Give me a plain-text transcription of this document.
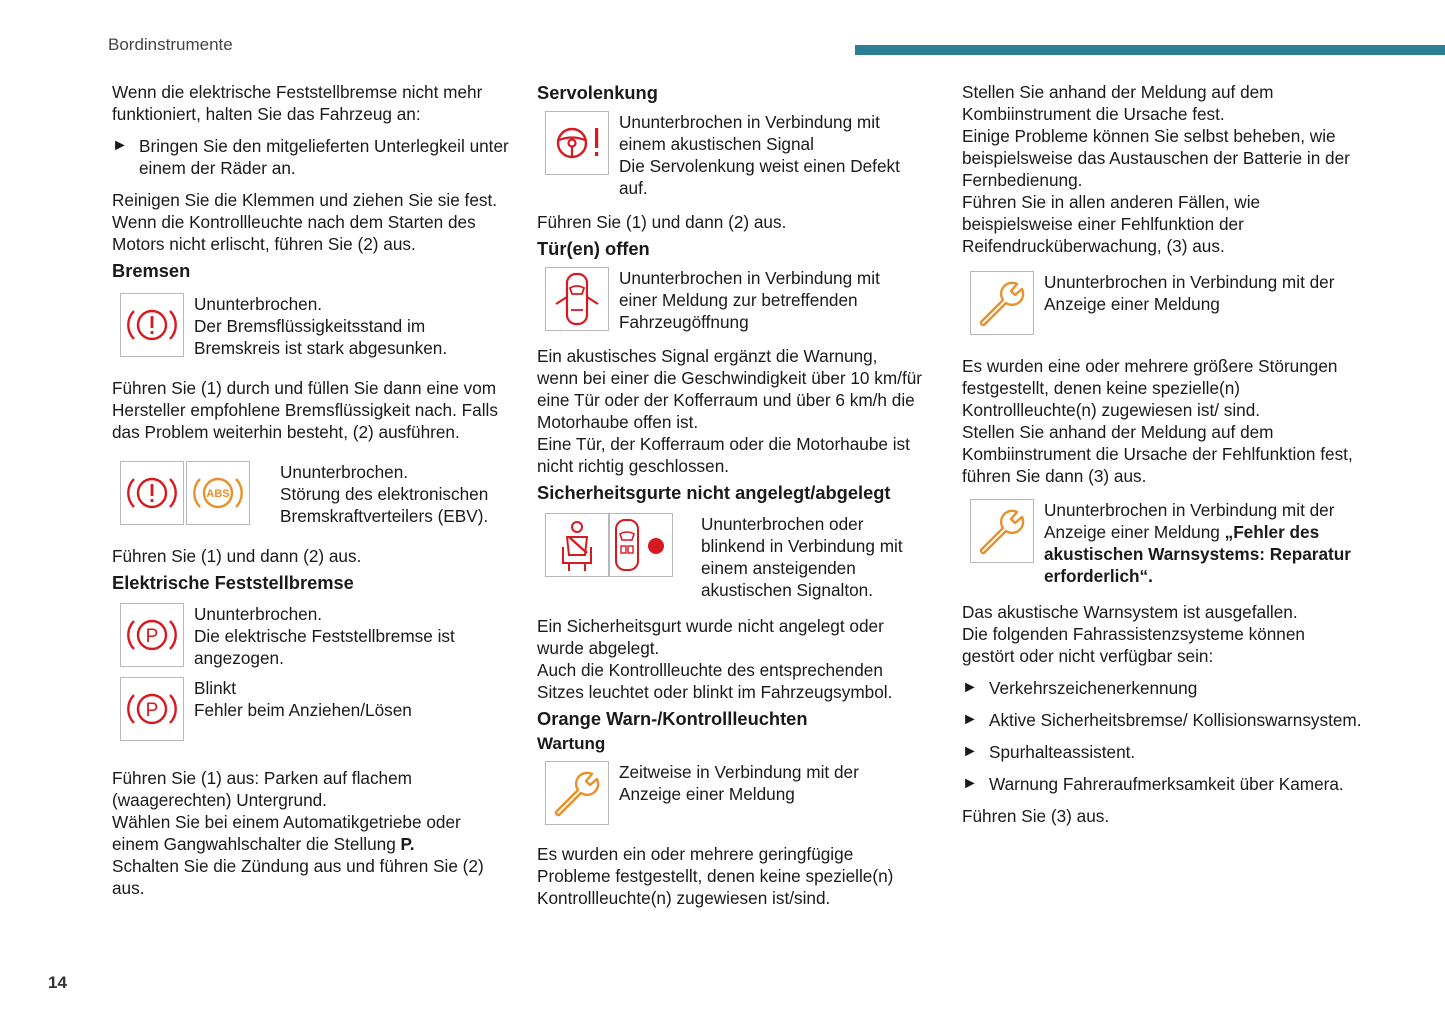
Bordinstrumente

Wenn die elektrische Feststellbremse nicht mehr funktioniert, halten Sie das Fahrzeug an:

► Bringen Sie den mitgelieferten Unterlegkeil unter einem der Räder an.

Reinigen Sie die Klemmen und ziehen Sie sie fest. Wenn die Kontrollleuchte nach dem Starten des Motors nicht erlischt, führen Sie (2) aus.

Bremsen

Ununterbrochen.

Der Bremsflüssigkeitsstand im Bremskreis ist stark abgesunken.

Führen Sie (1) durch und füllen Sie dann eine vom Hersteller empfohlene Bremsflüssigkeit nach. Falls das Problem weiterhin besteht, (2) ausführen.

ABS

Ununterbrochen.

Störung des elektronischen Bremskraftverteilers (EBV).

Führen Sie (1) und dann (2) aus.

Elektrische Feststellbremse
P

Ununterbrochen.

Die elektrische Feststellbremse ist angezogen.

P

Blinkt

Fehler beim Anziehen/Lösen

Führen Sie (1) aus: Parken auf flachem (waagerechten) Untergrund.

Wählen Sie bei einem Automatikgetriebe oder einem Gangwahlschalter die Stellung P.

Schalten Sie die Zündung aus und führen Sie (2) aus.

Servolenkung

Ununterbrochen in Verbindung mit einem akustischen Signal

Die Servolenkung weist einen Defekt auf.

Führen Sie (1) und dann (2) aus.

Tür(en) offen

Ununterbrochen in Verbindung mit einer Meldung zur betreffenden Fahrzeugöffnung

Ein akustisches Signal ergänzt die Warnung, wenn bei einer die Geschwindigkeit über 10 km/für eine Tür oder der Kofferraum und über 6 km/h die Motorhaube offen ist.

Eine Tür, der Kofferraum oder die Motorhaube ist nicht richtig geschlossen.

Sicherheitsgurte nicht angelegt/abgelegt

Ununterbrochen oder blinkend in Verbindung mit einem ansteigenden akustischen Signalton.

Ein Sicherheitsgurt wurde nicht angelegt oder wurde abgelegt.

Auch die Kontrollleuchte des entsprechenden Sitzes leuchtet oder blinkt im Fahrzeugsymbol.

Orange Warn-/Kontrollleuchten
Wartung

Zeitweise in Verbindung mit der Anzeige einer Meldung

Es wurden ein oder mehrere geringfügige Probleme festgestellt, denen keine spezielle(n) Kontrollleuchte(n) zugewiesen ist/sind.

Stellen Sie anhand der Meldung auf dem Kombiinstrument die Ursache fest.

Einige Probleme können Sie selbst beheben, wie beispielsweise das Austauschen der Batterie in der Fernbedienung.

Führen Sie in allen anderen Fällen, wie beispielsweise einer Fehlfunktion der Reifendrucküberwachung, (3) aus.

Ununterbrochen in Verbindung mit der Anzeige einer Meldung

Es wurden eine oder mehrere größere Störungen festgestellt, denen keine spezielle(n) Kontrollleuchte(n) zugewiesen ist/ sind.

Stellen Sie anhand der Meldung auf dem Kombiinstrument die Ursache der Fehlfunktion fest, führen Sie dann (3) aus.

Ununterbrochen in Verbindung mit der Anzeige einer Meldung „Fehler des akustischen Warnsystems: Reparatur erforderlich“.

Das akustische Warnsystem ist ausgefallen.

Die folgenden Fahrassistenzsysteme können gestört oder nicht verfügbar sein:

► Verkehrszeichenerkennung
► Aktive Sicherheitsbremse/ Kollisionswarnsystem.
► Spurhalteassistent.
► Warnung Fahreraufmerksamkeit über Kamera.

Führen Sie (3) aus.

14
